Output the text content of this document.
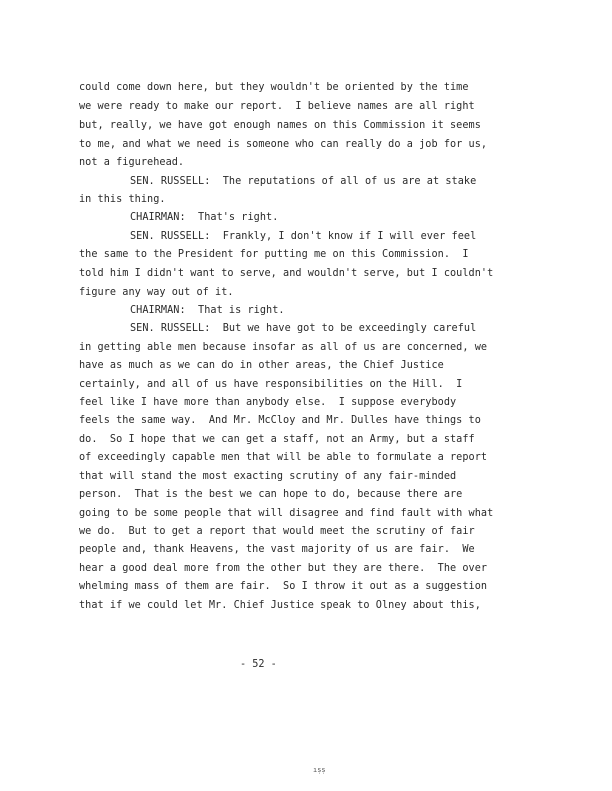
could come down here, but they wouldn't be oriented by the time
we were ready to make our report.  I believe names are all right
but, really, we have got enough names on this Commission it seems
to me, and what we need is someone who can really do a job for us,
not a figurehead.
SEN. RUSSELL:  The reputations of all of us are at stake
in this thing.
CHAIRMAN:  That's right.
SEN. RUSSELL:  Frankly, I don't know if I will ever feel
the same to the President for putting me on this Commission.  I
told him I didn't want to serve, and wouldn't serve, but I couldn't
figure any way out of it.
CHAIRMAN:  That is right.
SEN. RUSSELL:  But we have got to be exceedingly careful
in getting able men because insofar as all of us are concerned, we
have as much as we can do in other areas, the Chief Justice
certainly, and all of us have responsibilities on the Hill.  I
feel like I have more than anybody else.  I suppose everybody
feels the same way.  And Mr. McCloy and Mr. Dulles have things to
do.  So I hope that we can get a staff, not an Army, but a staff
of exceedingly capable men that will be able to formulate a report
that will stand the most exacting scrutiny of any fair-minded
person.  That is the best we can hope to do, because there are
going to be some people that will disagree and find fault with what
we do.  But to get a report that would meet the scrutiny of fair
people and, thank Heavens, the vast majority of us are fair.  We
hear a good deal more from the other but they are there.  The over
whelming mass of them are fair.  So I throw it out as a suggestion
that if we could let Mr. Chief Justice speak to Olney about this,
- 52 -
ıṣṣ
